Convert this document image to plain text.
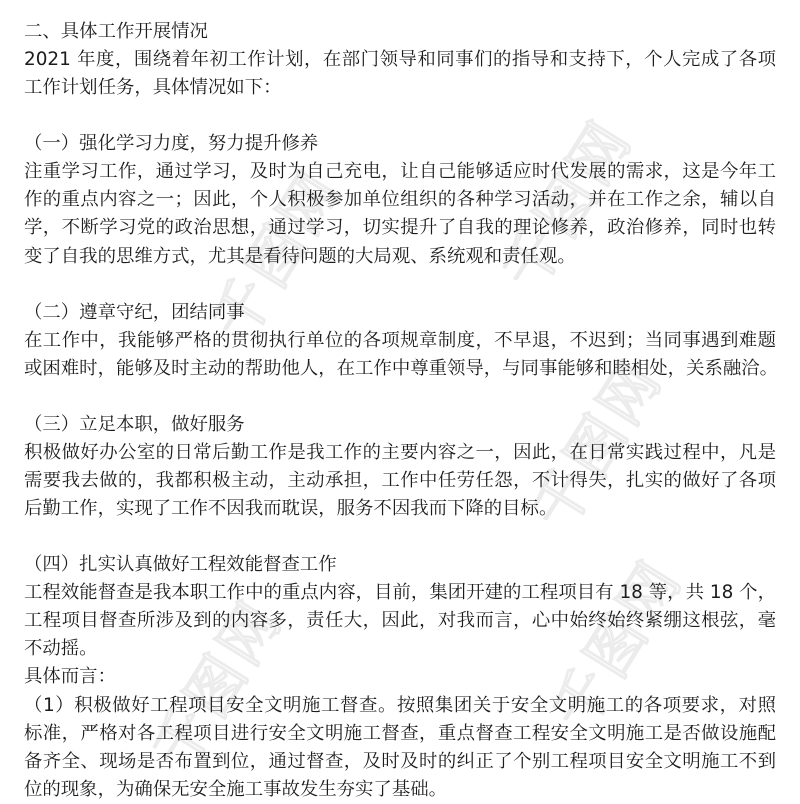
千图网 千图网
千图网
千图网
千图网
二、具体工作开展情况
2021 年度，围绕着年初工作计划，在部门领导和同事们的指导和支持下，个人完成了各项
工作计划任务，具体情况如下：
（一）强化学习力度，努力提升修养
注重学习工作，通过学习，及时为自己充电，让自己能够适应时代发展的需求，这是今年工
作的重点内容之一；因此，个人积极参加单位组织的各种学习活动，并在工作之余，辅以自
学，不断学习党的政治思想，通过学习，切实提升了自我的理论修养，政治修养，同时也转
变了自我的思维方式，尤其是看待问题的大局观、系统观和责任观。
（二）遵章守纪，团结同事
在工作中，我能够严格的贯彻执行单位的各项规章制度，不早退，不迟到；当同事遇到难题
或困难时，能够及时主动的帮助他人，在工作中尊重领导，与同事能够和睦相处，关系融洽。
（三）立足本职，做好服务
积极做好办公室的日常后勤工作是我工作的主要内容之一，因此，在日常实践过程中，凡是
需要我去做的，我都积极主动，主动承担，工作中任劳任怨，不计得失，扎实的做好了各项
后勤工作，实现了工作不因我而耽误，服务不因我而下降的目标。
（四）扎实认真做好工程效能督查工作
工程效能督查是我本职工作中的重点内容，目前，集团开建的工程项目有 18 等，共 18 个，
工程项目督查所涉及到的内容多，责任大，因此，对我而言，心中始终始终紧绷这根弦，毫
不动摇。
具体而言：
（1）积极做好工程项目安全文明施工督查。按照集团关于安全文明施工的各项要求，对照
标准，严格对各工程项目进行安全文明施工督查，重点督查工程安全文明施工是否做设施配
备齐全、现场是否布置到位，通过督查，及时及时的纠正了个别工程项目安全文明施工不到
位的现象，为确保无安全施工事故发生夯实了基础。
